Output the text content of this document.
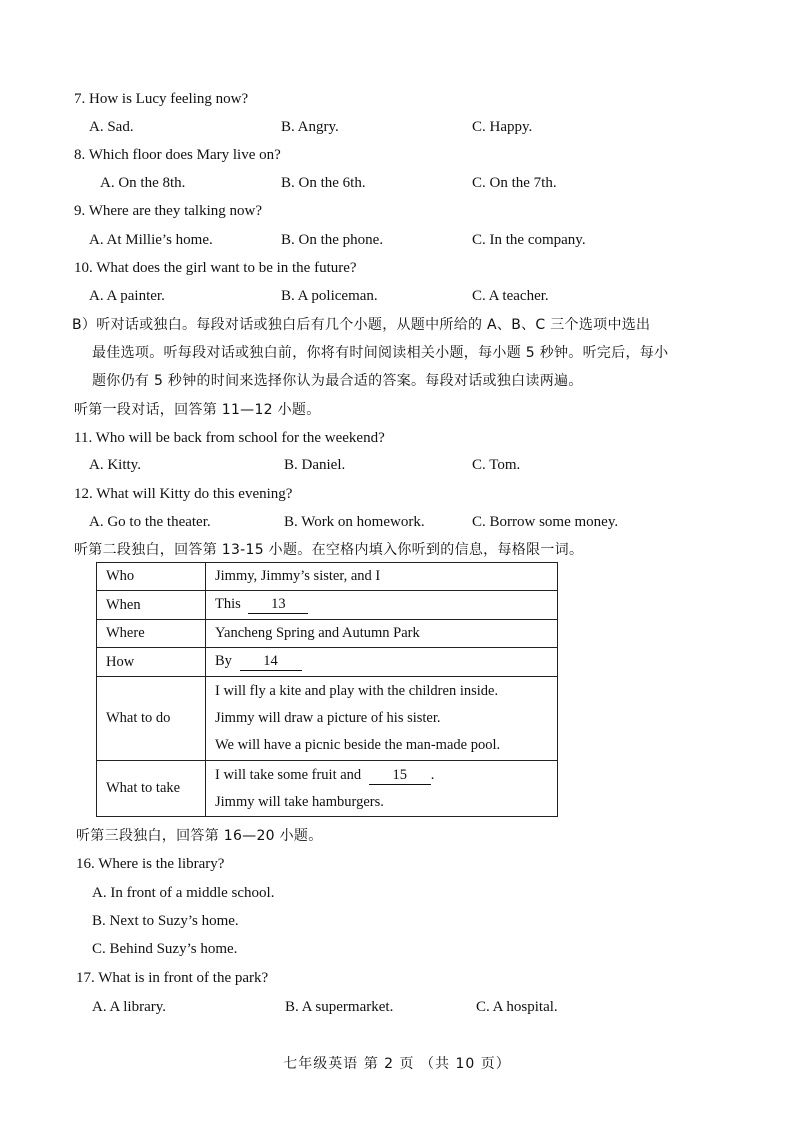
7. How is Lucy feeling now?
A. Sad.	B. Angry.	C. Happy.
8. Which floor does Mary live on?
A. On the 8th.	B. On the 6th.	C. On the 7th.
9. Where are they talking now?
A. At Millie’s home.	B. On the phone.	C. In the company.
10. What does the girl want to be in the future?
A. A painter.	B. A policeman.	C. A teacher.
B）听对话或独白。每段对话或独白后有几个小题，从题中所给的 A、B、C 三个选项中选出
最佳选项。听每段对话或独白前，你将有时间阅读相关小题，每小题 5 秒钟。听完后，每小
题你仍有 5 秒钟的时间来选择你认为最合适的答案。每段对话或独白读两遍。
听第一段对话，回答第 11—12 小题。
11. Who will be back from school for the weekend?
A. Kitty.	B. Daniel.	C. Tom.
12. What will Kitty do this evening?
A. Go to the theater.	B. Work on homework.	C. Borrow some money.
听第二段独白，回答第 13-15 小题。在空格内填入你听到的信息，每格限一词。
Who	Jimmy, Jimmy’s sister, and I
When	This 13
Where	Yancheng Spring and Autumn Park
How	By 14
What to do	I will fly a kite and play with the children inside.
Jimmy will draw a picture of his sister.
We will have a picnic beside the man-made pool.

What to take	I will take some fruit and 15 .
Jimmy will take hamburgers.
听第三段独白，回答第 16—20 小题。
16. Where is the library?
A. In front of a middle school.
B. Next to Suzy’s home.
C. Behind Suzy’s home.
17. What is in front of the park?
A. A library.	B. A supermarket.	C. A hospital.
七年级英语 第 2 页 （共 10 页）
